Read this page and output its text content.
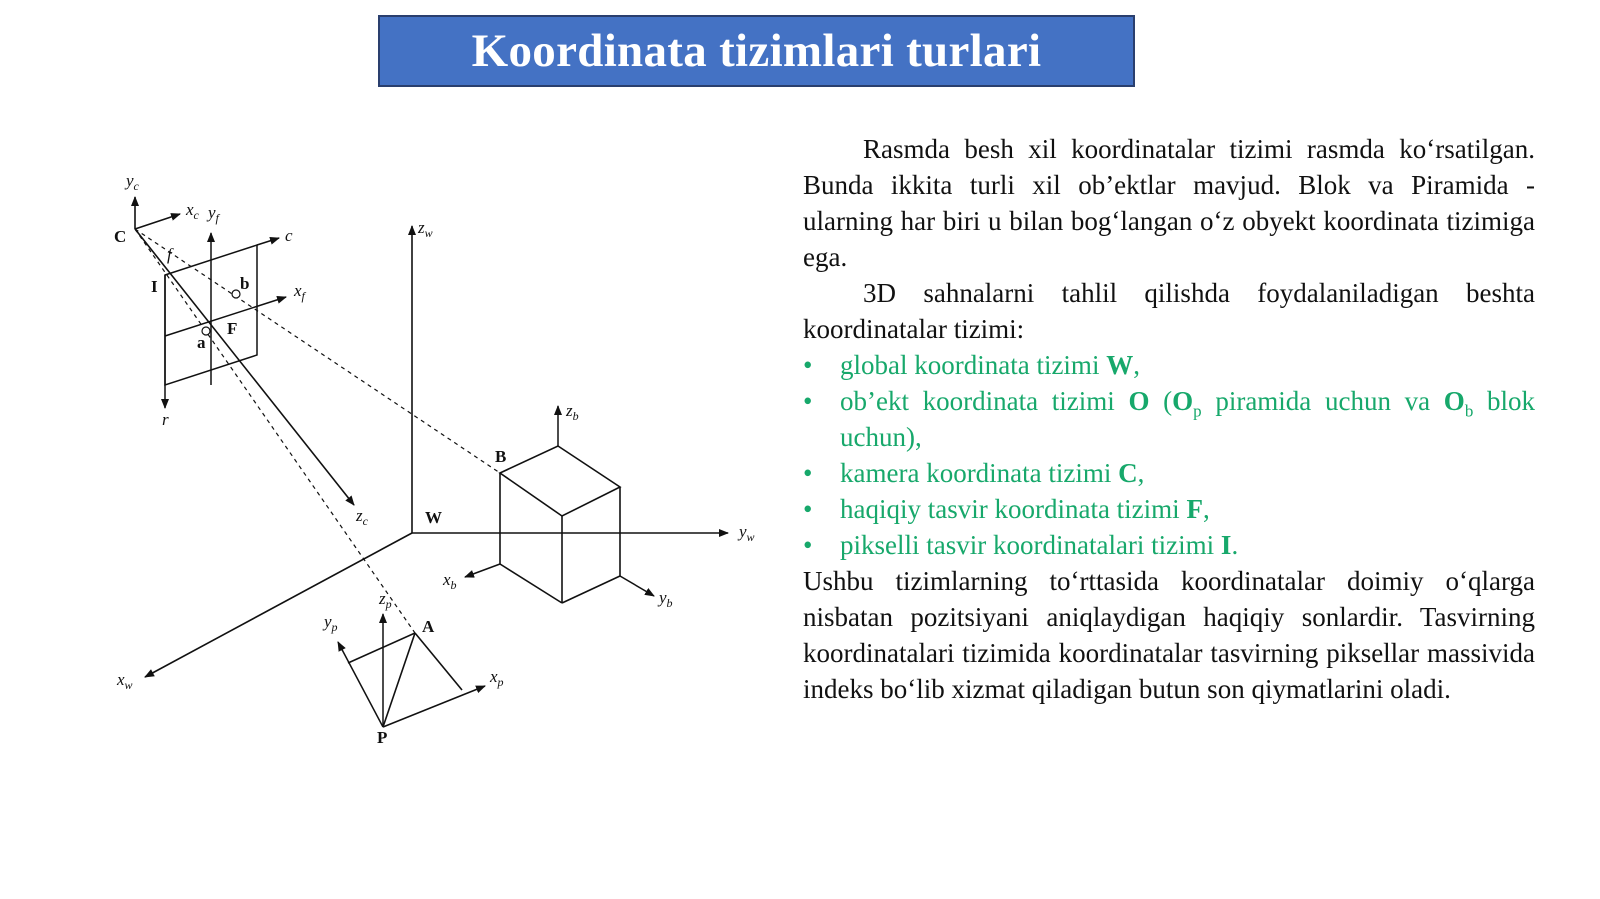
Koordinata tizimlari turlari
$y_c$
$x_c$ $y_f$
C
f
c
I	b	$x_f$
F
a
r
$z_w$
$z_b$
B
$z_c$	W
$y_w$
$x_b$
$y_b$
$z_p$
$y_p$	A
$x_p$
$x_w$
P

Rasmda besh xil koordinatalar tizimi rasmda ko‘rsatilgan. Bunda ikkita turli xil ob’ektlar mavjud. Blok va Piramida - ularning har biri u bilan bog‘langan o‘z obyekt koordinata tizimiga ega.

3D sahnalarni tahlil qilishda foydalaniladigan beshta koordinatalar tizimi:

• global koordinata tizimi W,
• ob’ekt koordinata tizimi O ($O_p$ piramida uchun va $O_b$ blok uchun),
• kamera koordinata tizimi C,
• haqiqiy tasvir koordinata tizimi F,
• pikselli tasvir koordinatalari tizimi I.

Ushbu tizimlarning to‘rttasida koordinatalar doimiy o‘qlarga nisbatan pozitsiyani aniqlaydigan haqiqiy sonlardir. Tasvirning koordinatalari tizimida koordinatalar tasvirning piksellar massivida indeks bo‘lib xizmat qiladigan butun son qiymatlarini oladi.
